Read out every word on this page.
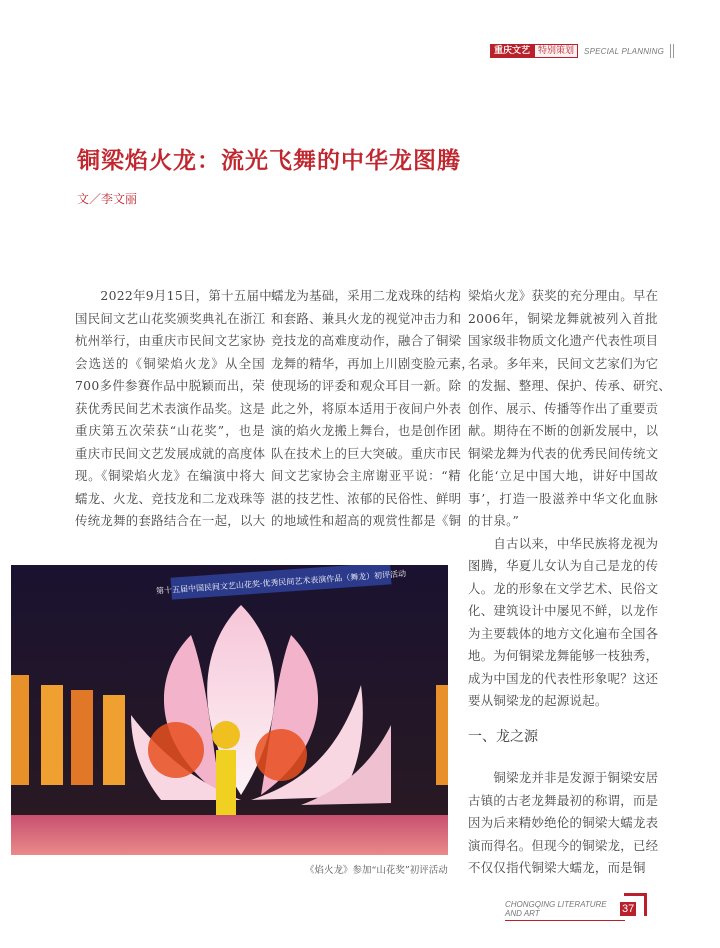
重庆文艺 特别策划	SPECIAL PLANNING
铜梁焰火龙：流光飞舞的中华龙图腾
文／李文丽
　　2022年9月15日，第十五届中
国民间文艺山花奖颁奖典礼在浙江
杭州举行，由重庆市民间文艺家协
会选送的《铜梁焰火龙》从全国
700多件参赛作品中脱颖而出，荣
获优秀民间艺术表演作品奖。这是
重庆第五次荣获“山花奖”，也是
重庆市民间文艺发展成就的高度体
现。《铜梁焰火龙》在编演中将大
蠕龙、火龙、竞技龙和二龙戏珠等
传统龙舞的套路结合在一起，以大
蠕龙为基础，采用二龙戏珠的结构
和套路、兼具火龙的视觉冲击力和
竞技龙的高难度动作，融合了铜梁
龙舞的精华，再加上川剧变脸元素，
使现场的评委和观众耳目一新。除
此之外，将原本适用于夜间户外表
演的焰火龙搬上舞台，也是创作团
队在技术上的巨大突破。重庆市民
间文艺家协会主席谢亚平说：“精
湛的技艺性、浓郁的民俗性、鲜明
的地域性和超高的观赏性都是《铜
梁焰火龙》获奖的充分理由。早在
2006年，铜梁龙舞就被列入首批
国家级非物质文化遗产代表性项目
名录。多年来，民间文艺家们为它
的发掘、整理、保护、传承、研究、
创作、展示、传播等作出了重要贡
献。期待在不断的创新发展中，以
铜梁龙舞为代表的优秀民间传统文
化能‘立足中国大地，讲好中国故
事’，打造一股滋养中华文化血脉
的甘泉。”
　　自古以来，中华民族将龙视为
图腾，华夏儿女认为自己是龙的传
人。龙的形象在文学艺术、民俗文
化、建筑设计中屡见不鲜，以龙作
为主要载体的地方文化遍布全国各
地。为何铜梁龙舞能够一枝独秀，
成为中国龙的代表性形象呢？这还
要从铜梁龙的起源说起。
一、龙之源
　　铜梁龙并非是发源于铜梁安居
古镇的古老龙舞最初的称谓，而是
因为后来精妙绝伦的铜梁大蠕龙表
演而得名。但现今的铜梁龙，已经
不仅仅指代铜梁大蠕龙，而是铜
第十五届中国民间文艺山花奖·优秀民间艺术表演作品（舞龙）初评活动
《焰火龙》参加“山花奖”初评活动
CHONGQING LITERATURE AND ART	37
